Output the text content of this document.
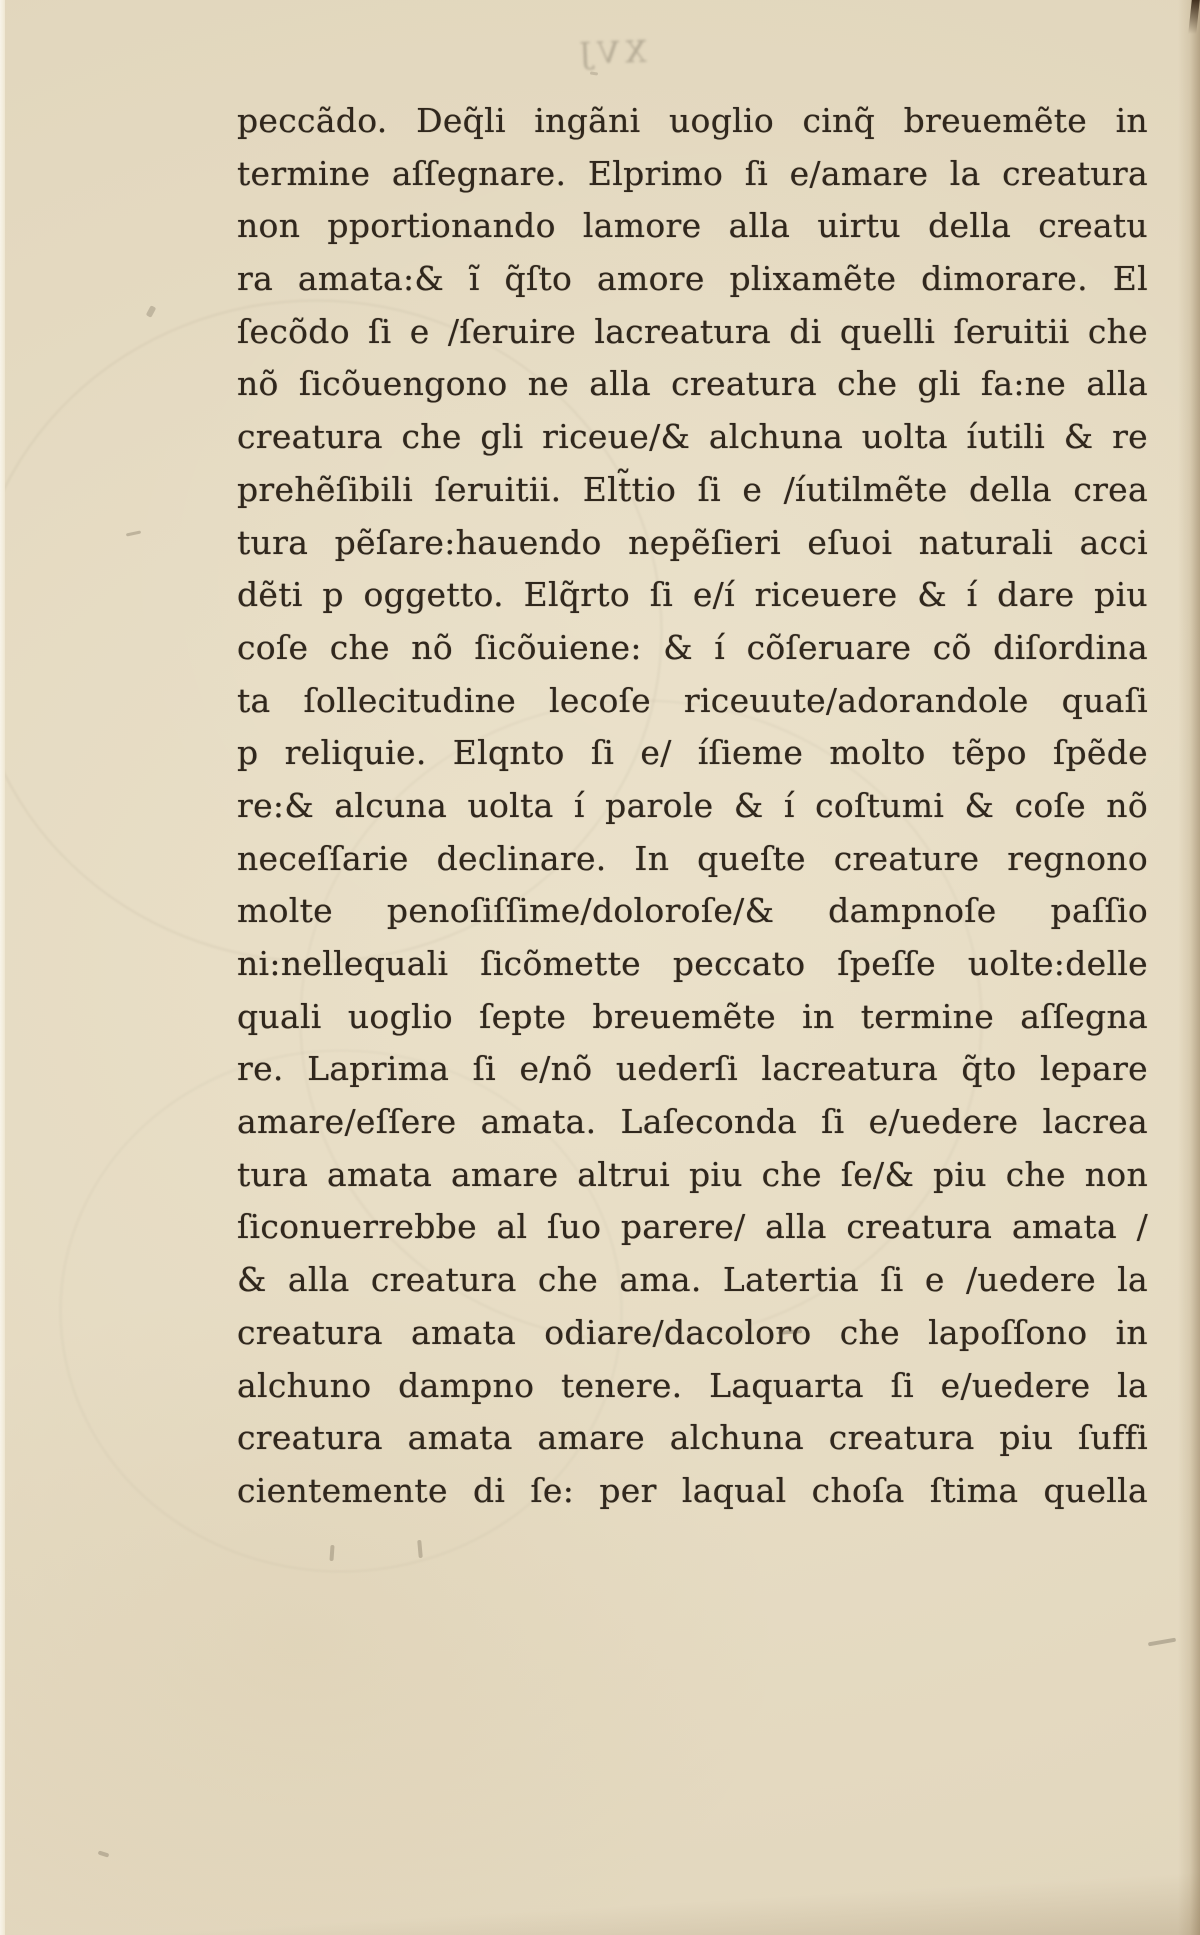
XVJ
peccãdo. Deq̃li ingãni uoglio cinq̃ breuemẽte in
termine aſſegnare. Elprimo ſi e/amare la creatura
non pportionando lamore alla uirtu della creatu
ra amata:& ĩ q̃ſto amore plixamẽte dimorare. El
ſecõdo ſi e /ſeruire lacreatura di quelli ſeruitii che
nõ ſicõuengono ne alla creatura che gli fa:ne alla
creatura che gli riceue/& alchuna uolta íutili & re
prehẽſibili ſeruitii. Elt̃tio ſi e /íutilmẽte della crea
tura pẽſare:hauendo nepẽſieri eſuoi naturali acci
dẽti p oggetto. Elq̃rto ſi e/í riceuere & í dare piu
coſe che nõ ſicõuiene: & í cõſeruare cõ diſordina
ta ſollecitudine lecoſe riceuute/adorandole quaſi
p reliquie. Elqnto ſi e/ íſieme molto tẽpo ſpẽde
re:& alcuna uolta í parole & í coſtumi & coſe nõ
neceſſarie declinare. In queſte creature regnono
molte penoſiſſime/doloroſe/& dampnoſe paſſio
ni:nellequali ſicõmette peccato ſpeſſe uolte:delle
quali uoglio ſepte breuemẽte in termine aſſegna
re. Laprima ſi e/nõ uederſi lacreatura q̃to lepare
amare/eſſere amata. Laſeconda ſi e/uedere lacrea
tura amata amare altrui piu che ſe/& piu che non
ſiconuerrebbe al ſuo parere/ alla creatura amata /
& alla creatura che ama. Latertia ſi e /uedere la
creatura amata odiare/dacoloro che lapoſſono in
alchuno dampno tenere. Laquarta ſi e/uedere la
creatura amata amare alchuna creatura piu ſuffi
cientemente di ſe: per laqual choſa ſtima quella
